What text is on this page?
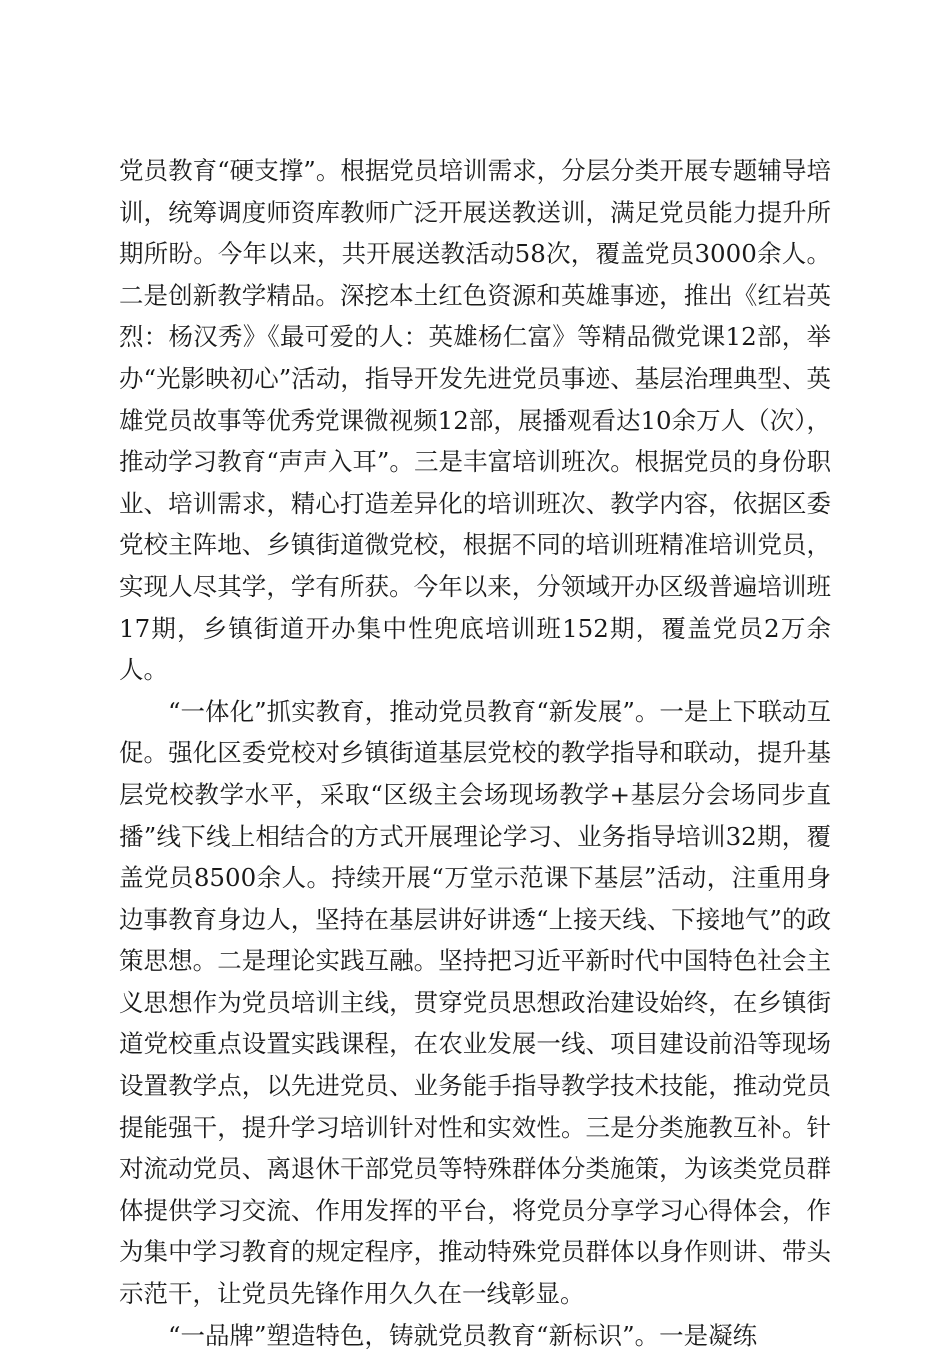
党员教育“硬支撑”。根据党员培训需求，分层分类开展专题辅导培训，统筹调度师资库教师广泛开展送教送训，满足党员能力提升所期所盼。今年以来，共开展送教活动58次，覆盖党员3000余人。二是创新教学精品。深挖本土红色资源和英雄事迹，推出《红岩英烈：杨汉秀》《最可爱的人：英雄杨仁富》等精品微党课12部，举办“光影映初心”活动，指导开发先进党员事迹、基层治理典型、英雄党员故事等优秀党课微视频12部，展播观看达10余万人（次），推动学习教育“声声入耳”。三是丰富培训班次。根据党员的身份职业、培训需求，精心打造差异化的培训班次、教学内容，依据区委党校主阵地、乡镇街道微党校，根据不同的培训班精准培训党员，实现人尽其学，学有所获。今年以来，分领域开办区级普遍培训班17期，乡镇街道开办集中性兜底培训班152期，覆盖党员2万余人。

“一体化”抓实教育，推动党员教育“新发展”。一是上下联动互促。强化区委党校对乡镇街道基层党校的教学指导和联动，提升基层党校教学水平，采取“区级主会场现场教学+基层分会场同步直播”线下线上相结合的方式开展理论学习、业务指导培训32期，覆盖党员8500余人。持续开展“万堂示范课下基层”活动，注重用身边事教育身边人，坚持在基层讲好讲透“上接天线、下接地气”的政策思想。二是理论实践互融。坚持把习近平新时代中国特色社会主义思想作为党员培训主线，贯穿党员思想政治建设始终，在乡镇街道党校重点设置实践课程，在农业发展一线、项目建设前沿等现场设置教学点，以先进党员、业务能手指导教学技术技能，推动党员提能强干，提升学习培训针对性和实效性。三是分类施教互补。针对流动党员、离退休干部党员等特殊群体分类施策，为该类党员群体提供学习交流、作用发挥的平台，将党员分享学习心得体会，作为集中学习教育的规定程序，推动特殊党员群体以身作则讲、带头示范干，让党员先锋作用久久在一线彰显。

“一品牌”塑造特色，铸就党员教育“新标识”。一是凝练
